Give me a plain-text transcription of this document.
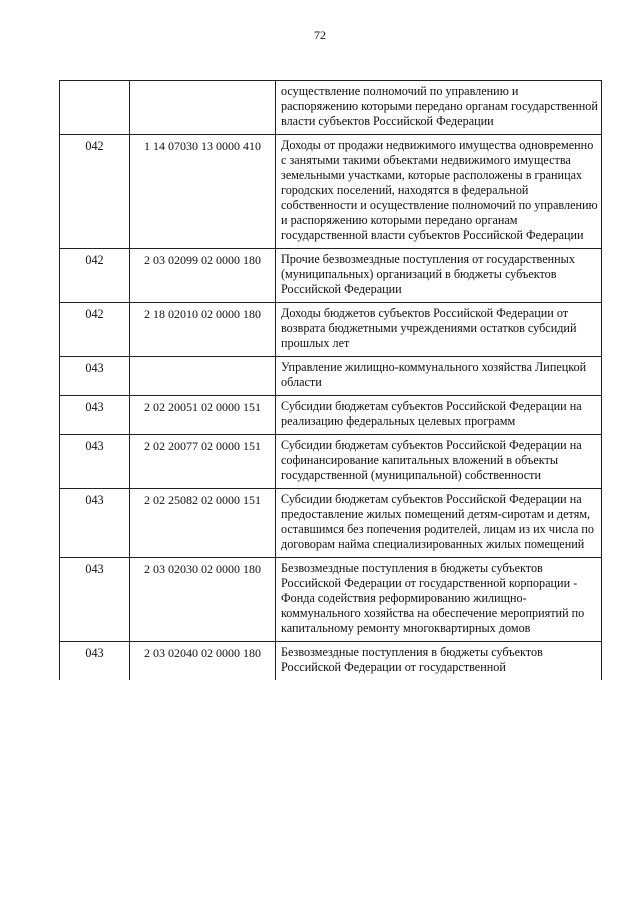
72
		осуществление полномочий по управлению и распоряжению которыми передано органам государственной власти субъектов Российской Федерации
042	1 14 07030 13 0000 410	Доходы от продажи недвижимого имущества одновременно с занятыми такими объектами недвижимого имущества земельными участками, которые расположены в границах городских поселений, находятся в федеральной собственности и осуществление полномочий по управлению и распоряжению которыми передано органам государственной власти субъектов Российской Федерации
042	2 03 02099 02 0000 180	Прочие безвозмездные поступления от государственных (муниципальных) организаций в бюджеты субъектов Российской Федерации
042	2 18 02010 02 0000 180	Доходы бюджетов субъектов Российской Федерации от возврата бюджетными учреждениями остатков субсидий прошлых лет
043		Управление жилищно-коммунального хозяйства Липецкой области
043	2 02 20051 02 0000 151	Субсидии бюджетам субъектов Российской Федерации на реализацию федеральных целевых программ
043	2 02 20077 02 0000 151	Субсидии бюджетам субъектов Российской Федерации на софинансирование капитальных вложений в объекты государственной (муниципальной) собственности
043	2 02 25082 02 0000 151	Субсидии бюджетам субъектов Российской Федерации на предоставление жилых помещений детям-сиротам и детям, оставшимся без попечения родителей, лицам из их числа по договорам найма специализированных жилых помещений
043	2 03 02030 02 0000 180	Безвозмездные поступления в бюджеты субъектов Российской Федерации от государственной корпорации - Фонда содействия реформированию жилищно-коммунального хозяйства на обеспечение мероприятий по капитальному ремонту многоквартирных домов
043	2 03 02040 02 0000 180	Безвозмездные поступления в бюджеты субъектов Российской Федерации от государственной
